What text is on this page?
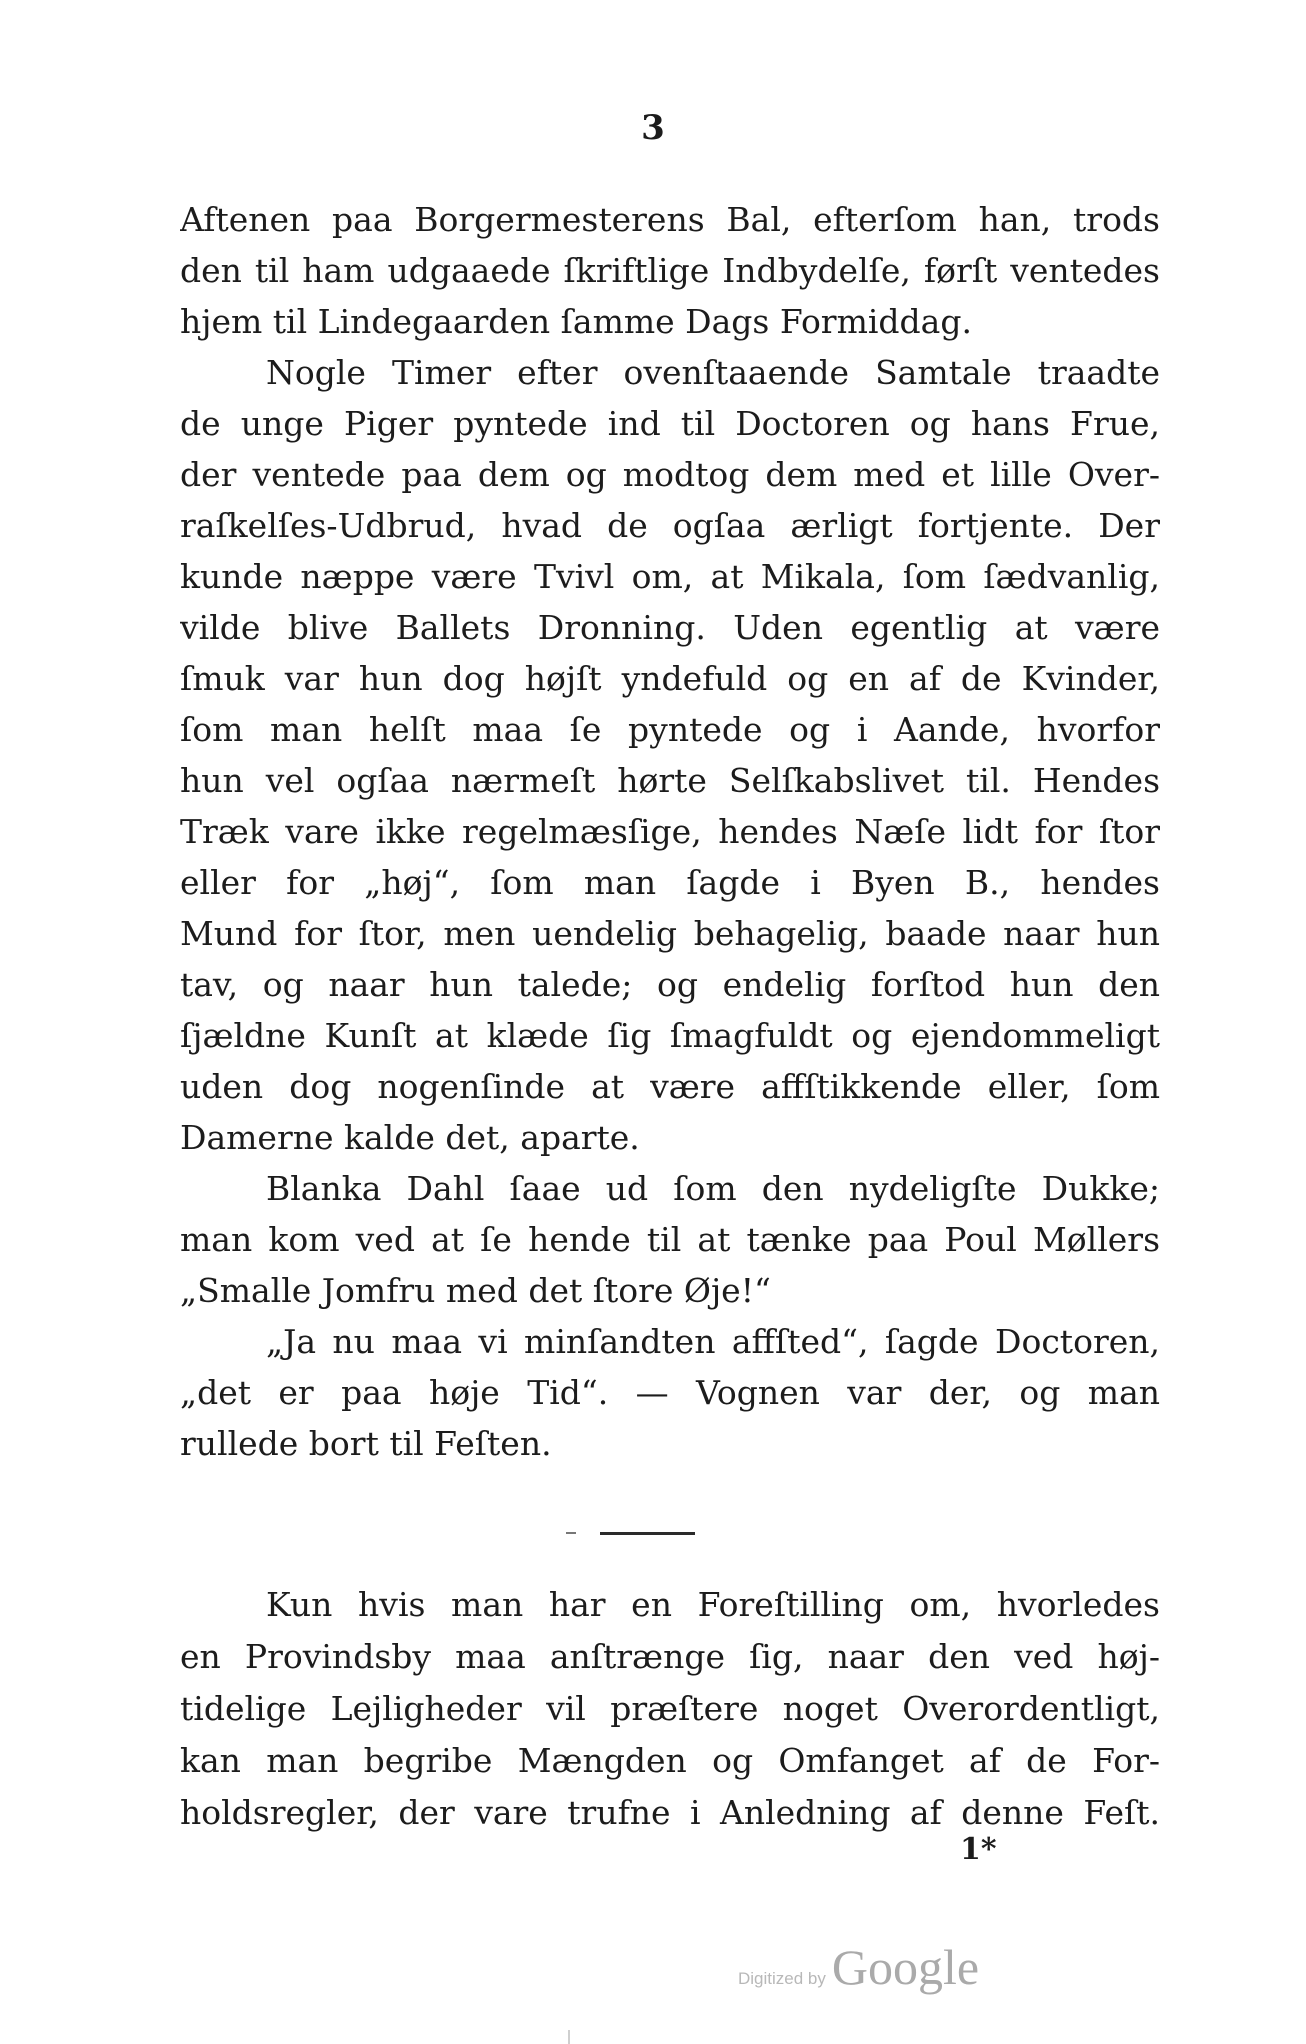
3
Aftenen paa Borgermesterens Bal, efterſom han, trods
den til ham udgaaede ſkriftlige Indbydelſe, førſt ventedes
hjem til Lindegaarden ſamme Dags Formiddag.
Nogle Timer efter ovenſtaaende Samtale traadte
de unge Piger pyntede ind til Doctoren og hans Frue,
der ventede paa dem og modtog dem med et lille Over-
raſkelſes-Udbrud, hvad de ogſaa ærligt fortjente. Der
kunde næppe være Tvivl om, at Mikala, ſom ſædvanlig,
vilde blive Ballets Dronning. Uden egentlig at være
ſmuk var hun dog højſt yndefuld og en af de Kvinder,
ſom man helſt maa ſe pyntede og i Aande, hvorfor
hun vel ogſaa nærmeſt hørte Selſkabslivet til. Hendes
Træk vare ikke regelmæsſige, hendes Næſe lidt for ſtor
eller for „høj“, ſom man ſagde i Byen B., hendes
Mund for ſtor, men uendelig behagelig, baade naar hun
tav, og naar hun talede; og endelig forſtod hun den
ſjældne Kunſt at klæde ſig ſmagfuldt og ejendommeligt
uden dog nogenſinde at være affſtikkende eller, ſom
Damerne kalde det, aparte.
Blanka Dahl ſaae ud ſom den nydeligſte Dukke;
man kom ved at ſe hende til at tænke paa Poul Møllers
„Smalle Jomfru med det ſtore Øje!“
„Ja nu maa vi minſandten affſted“, ſagde Doctoren,
„det er paa høje Tid“. — Vognen var der, og man
rullede bort til Feſten.
Kun hvis man har en Foreſtilling om, hvorledes
en Provindsby maa anſtrænge ſig, naar den ved høj-
tidelige Lejligheder vil præſtere noget Overordentligt,
kan man begribe Mængden og Omfanget af de For-
holdsregler, der vare trufne i Anledning af denne Feſt.
1*
Digitized by Google
